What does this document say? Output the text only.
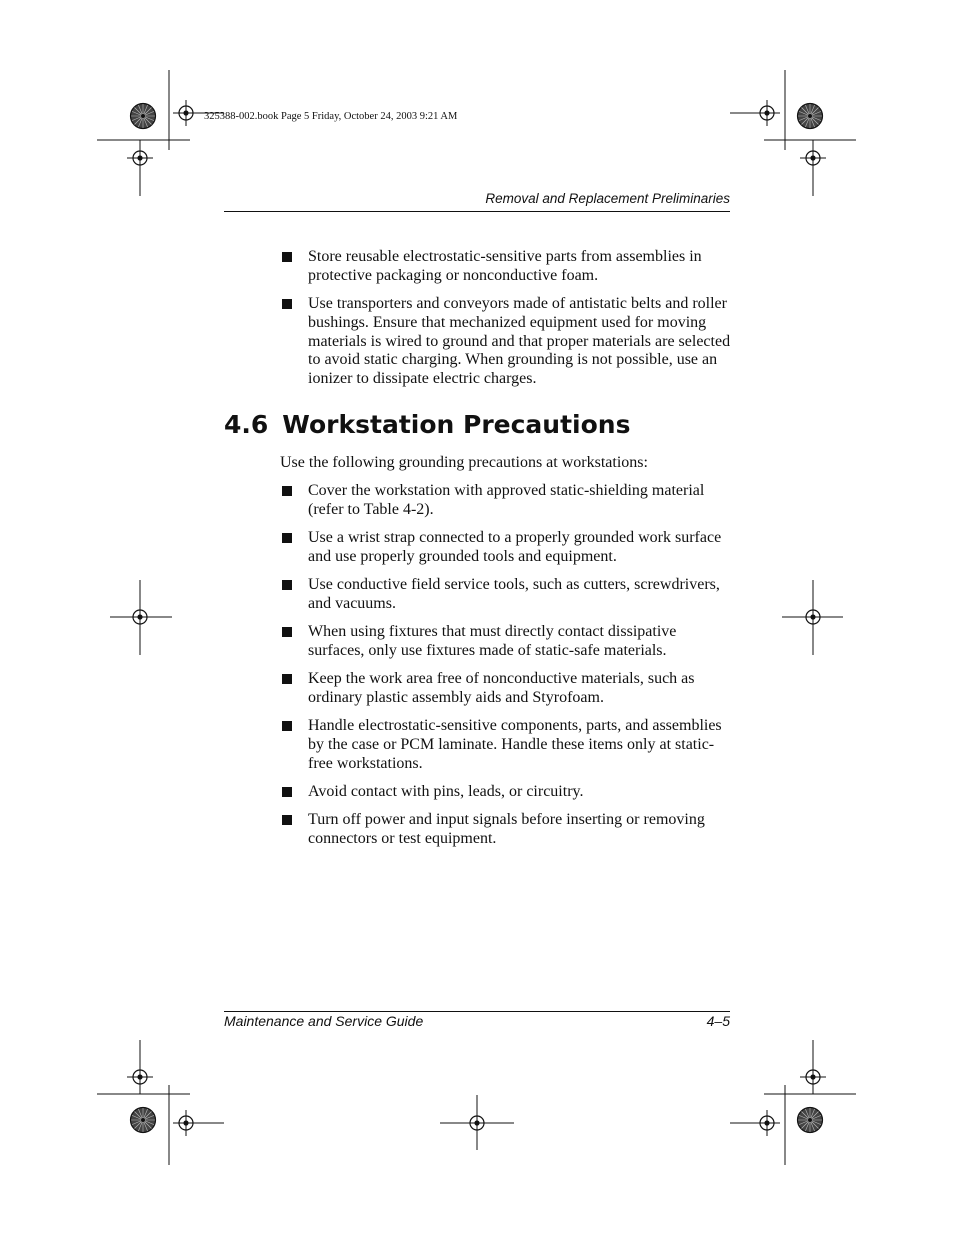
325388-002.book Page 5 Friday, October 24, 2003 9:21 AM
Removal and Replacement Preliminaries
Store reusable electrostatic-sensitive parts from assemblies in protective packaging or nonconductive foam.
Use transporters and conveyors made of antistatic belts and roller bushings. Ensure that mechanized equipment used for moving materials is wired to ground and that proper materials are selected to avoid static charging. When grounding is not possible, use an ionizer to dissipate electric charges.
4.6 Workstation Precautions
Use the following grounding precautions at workstations:
Cover the workstation with approved static-shielding material (refer to Table 4-2).
Use a wrist strap connected to a properly grounded work surface and use properly grounded tools and equipment.
Use conductive field service tools, such as cutters, screwdrivers, and vacuums.
When using fixtures that must directly contact dissipative surfaces, only use fixtures made of static-safe materials.
Keep the work area free of nonconductive materials, such as ordinary plastic assembly aids and Styrofoam.
Handle electrostatic-sensitive components, parts, and assemblies by the case or PCM laminate. Handle these items only at static-free workstations.
Avoid contact with pins, leads, or circuitry.
Turn off power and input signals before inserting or removing connectors or test equipment.
Maintenance and Service Guide	4–5
